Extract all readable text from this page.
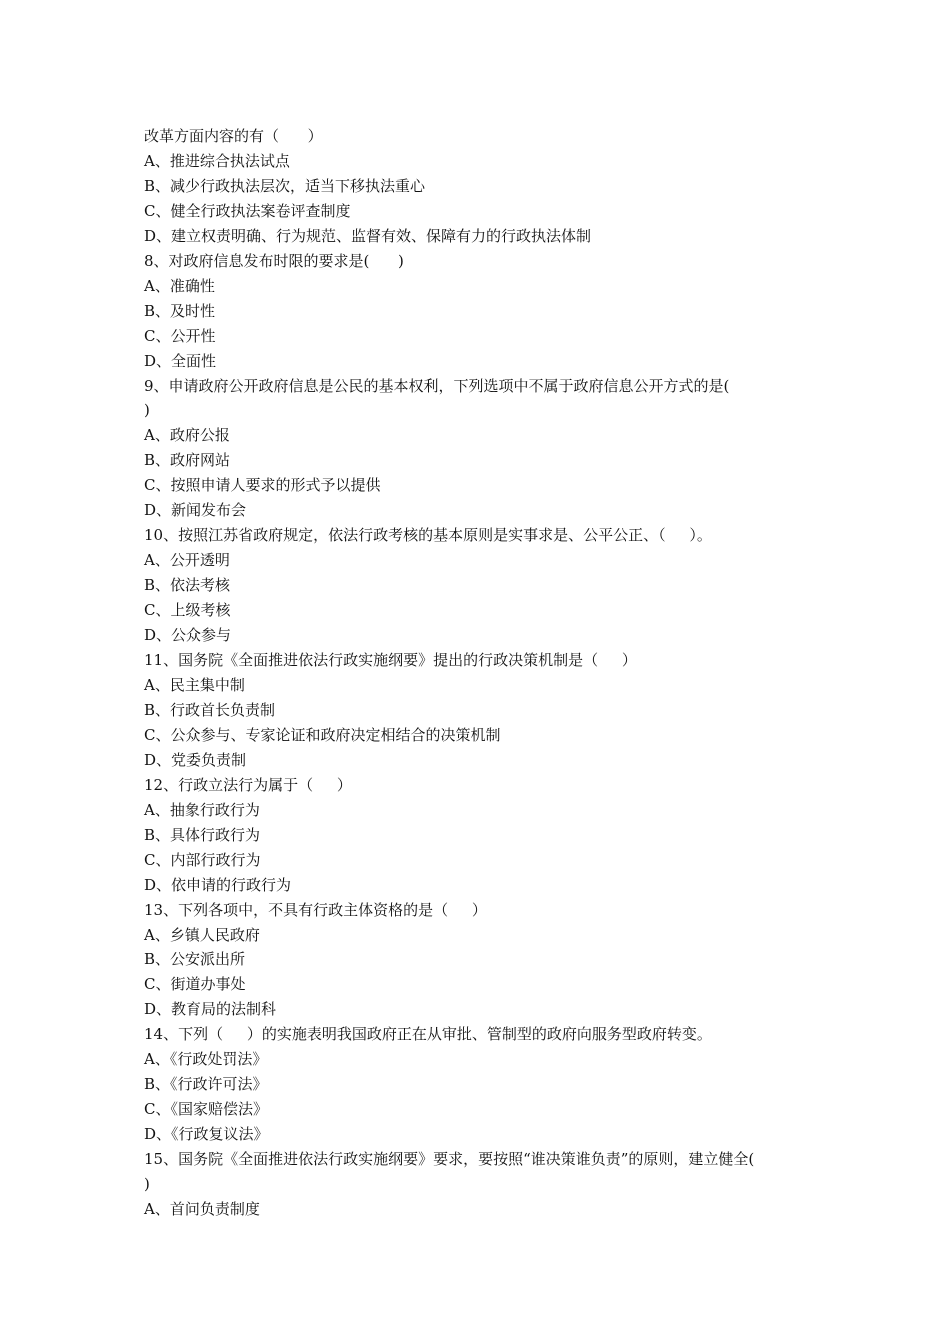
改革方面内容的有（      ）

A、推进综合执法试点

B、减少行政执法层次，适当下移执法重心

C、健全行政执法案卷评查制度

D、建立权责明确、行为规范、监督有效、保障有力的行政执法体制

8、对政府信息发布时限的要求是(      )

A、准确性

B、及时性

C、公开性

D、全面性

9、申请政府公开政府信息是公民的基本权利，下列选项中不属于政府信息公开方式的是(

)

A、政府公报

B、政府网站

C、按照申请人要求的形式予以提供

D、新闻发布会

10、按照江苏省政府规定，依法行政考核的基本原则是实事求是、公平公正、（     ）。

A、公开透明

B、依法考核

C、上级考核

D、公众参与

11、国务院《全面推进依法行政实施纲要》提出的行政决策机制是（     ）

A、民主集中制

B、行政首长负责制

C、公众参与、专家论证和政府决定相结合的决策机制

D、党委负责制

12、行政立法行为属于（     ）

A、抽象行政行为

B、具体行政行为

C、内部行政行为

D、依申请的行政行为

13、下列各项中，不具有行政主体资格的是（     ）

A、乡镇人民政府

B、公安派出所

C、街道办事处

D、教育局的法制科

14、下列（     ）的实施表明我国政府正在从审批、管制型的政府向服务型政府转变。

A、《行政处罚法》

B、《行政许可法》

C、《国家赔偿法》

D、《行政复议法》

15、国务院《全面推进依法行政实施纲要》要求，要按照“谁决策谁负责”的原则，建立健全(

)

A、首问负责制度
